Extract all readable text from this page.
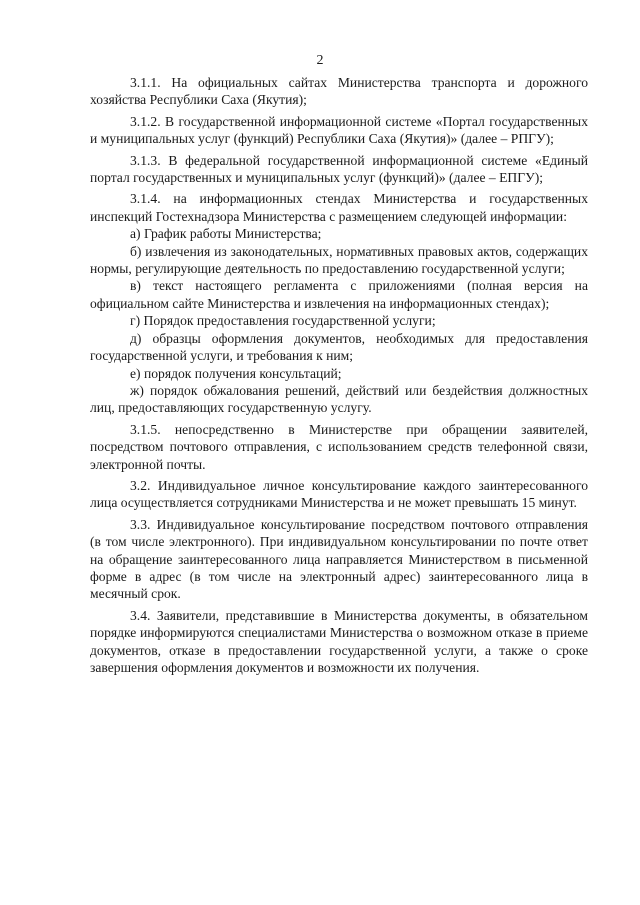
2

3.1.1. На официальных сайтах Министерства транспорта и дорожного хозяйства Республики Саха (Якутия);

3.1.2. В государственной информационной системе «Портал государственных и муниципальных услуг (функций) Республики Саха (Якутия)» (далее – РПГУ);

3.1.3. В федеральной государственной информационной системе «Единый портал государственных и муниципальных услуг (функций)» (далее – ЕПГУ);

3.1.4. на информационных стендах Министерства и государственных инспекций Гостехнадзора Министерства с размещением следующей информации:

а) График работы Министерства;

б) извлечения из законодательных, нормативных правовых актов, содержащих нормы, регулирующие деятельность по предоставлению государственной услуги;

в) текст настоящего регламента с приложениями (полная версия на официальном сайте Министерства и извлечения на информационных стендах);

г) Порядок предоставления государственной услуги;

д) образцы оформления документов, необходимых для предоставления государственной услуги, и требования к ним;

е) порядок получения консультаций;

ж) порядок обжалования решений, действий или бездействия должностных лиц, предоставляющих государственную услугу.

3.1.5. непосредственно в Министерстве при обращении заявителей, посредством почтового отправления, с использованием средств телефонной связи, электронной почты.

3.2. Индивидуальное личное консультирование каждого заинтересованного лица осуществляется сотрудниками Министерства и не может превышать 15 минут.

3.3. Индивидуальное консультирование посредством почтового отправления (в том числе электронного). При индивидуальном консультировании по почте ответ на обращение заинтересованного лица направляется Министерством в письменной форме в адрес (в том числе на электронный адрес) заинтересованного лица в месячный срок.

3.4. Заявители, представившие в Министерства документы, в обязательном порядке информируются специалистами Министерства о возможном отказе в приеме документов, отказе в предоставлении государственной услуги, а также о сроке завершения оформления документов и возможности их получения.
